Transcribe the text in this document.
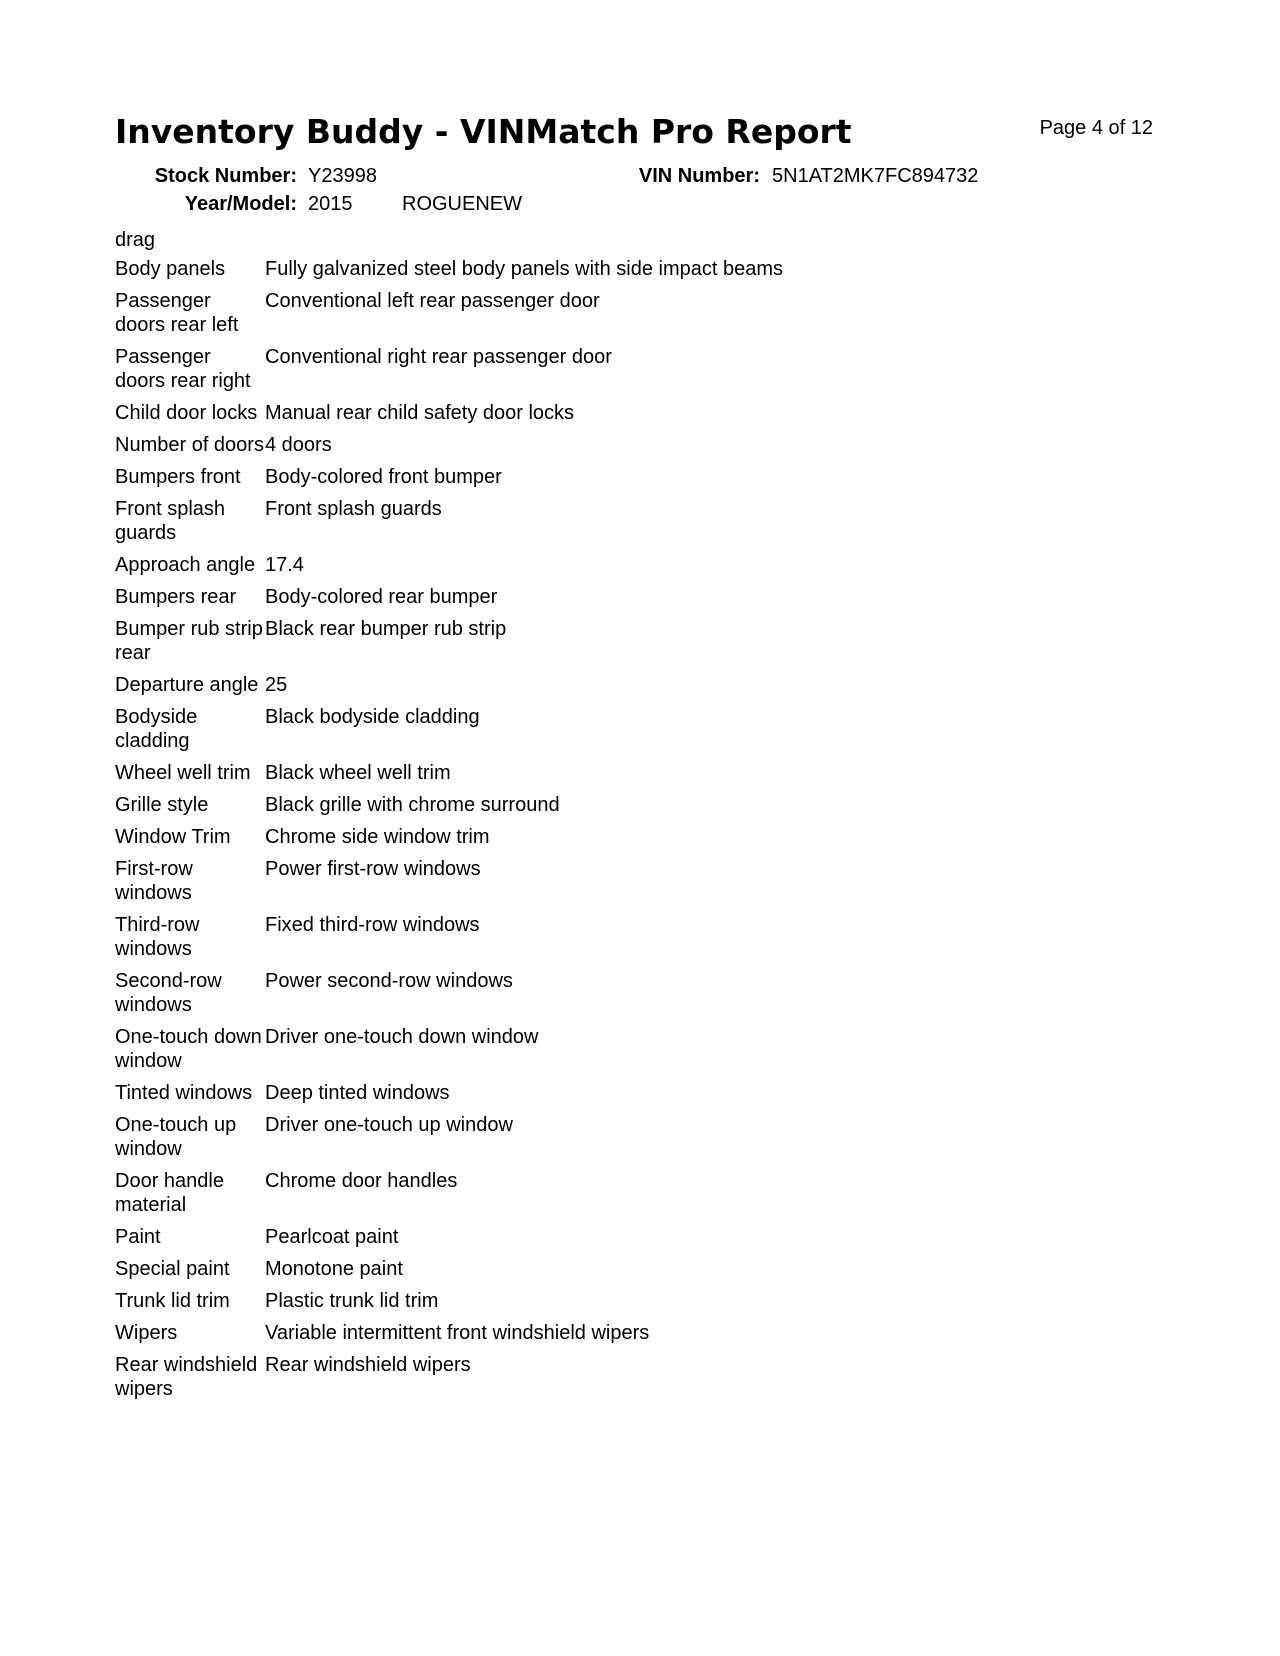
Inventory Buddy - VINMatch Pro Report	Page 4 of 12
Stock Number: Y23998	VIN Number: 5N1AT2MK7FC894732
Year/Model: 2015 ROGUENEW
drag
Body panels	Fully galvanized steel body panels with side impact beams
Passenger doors rear left	Conventional left rear passenger door
Passenger doors rear right	Conventional right rear passenger door
Child door locks	Manual rear child safety door locks
Number of doors	4 doors
Bumpers front	Body-colored front bumper
Front splash guards	Front splash guards
Approach angle	17.4
Bumpers rear	Body-colored rear bumper
Bumper rub strip rear	Black rear bumper rub strip
Departure angle	25
Bodyside cladding	Black bodyside cladding
Wheel well trim	Black wheel well trim
Grille style	Black grille with chrome surround
Window Trim	Chrome side window trim
First-row windows	Power first-row windows
Third-row windows	Fixed third-row windows
Second-row windows	Power second-row windows
One-touch down window	Driver one-touch down window
Tinted windows	Deep tinted windows
One-touch up window	Driver one-touch up window
Door handle material	Chrome door handles
Paint	Pearlcoat paint
Special paint	Monotone paint
Trunk lid trim	Plastic trunk lid trim
Wipers	Variable intermittent front windshield wipers
Rear windshield wipers	Rear windshield wipers
